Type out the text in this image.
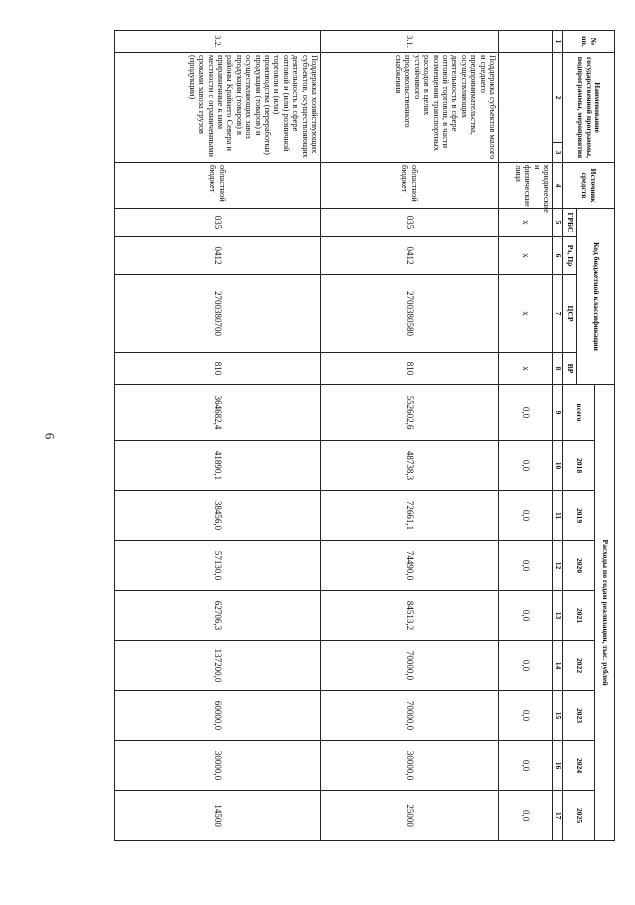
6
№ пп.	Наименование государственной программы, подпрограммы, мероприятия		Источник средств	Код бюджетной классификации				Расходы по годам реализации, тыс. рублей								
								всего	2018	2019	2020	2021	2022	2023	2024	2025
				ГРБС	Рз, Пр	ЦСР	ВР									
1	2	3	4	5	6	7	8	9	10	11	12	13	14	15	16	17
			юридические и физические лица	x	x	x	x	0,0	0,0	0,0	0,0	0,0	0,0	0,0	0,0	0,0
3.1.	Поддержка субъектов малого и среднего предпринимательства, осуществляющих деятельность в сфере оптовой торговли, в части возмещения транспортных расходов в целях устойчивого продовольственного снабжения		областной бюджет	035	0412	2700380580	810	552602,6	48738,3	72661,1	74490,0	84513,2	70000,0	70000,0	30000,0	25000
3.2.	Поддержка хозяйствующих субъектов, осуществляющих деятельность в сфере оптовой и (или) розничной торговли и (или) производства (переработки) продукции (товаров) и осуществляющих завоз продукции (товаров) в районы Крайнего Севера и приравненные к ним местности с ограниченными сроками завоза грузов (продукции)		областной бюджет	035	0412	2700380700	810	364682,4	41890,1	38456,0	57130,0	62706,3	137200,0	60000,0	30000,0	14500
